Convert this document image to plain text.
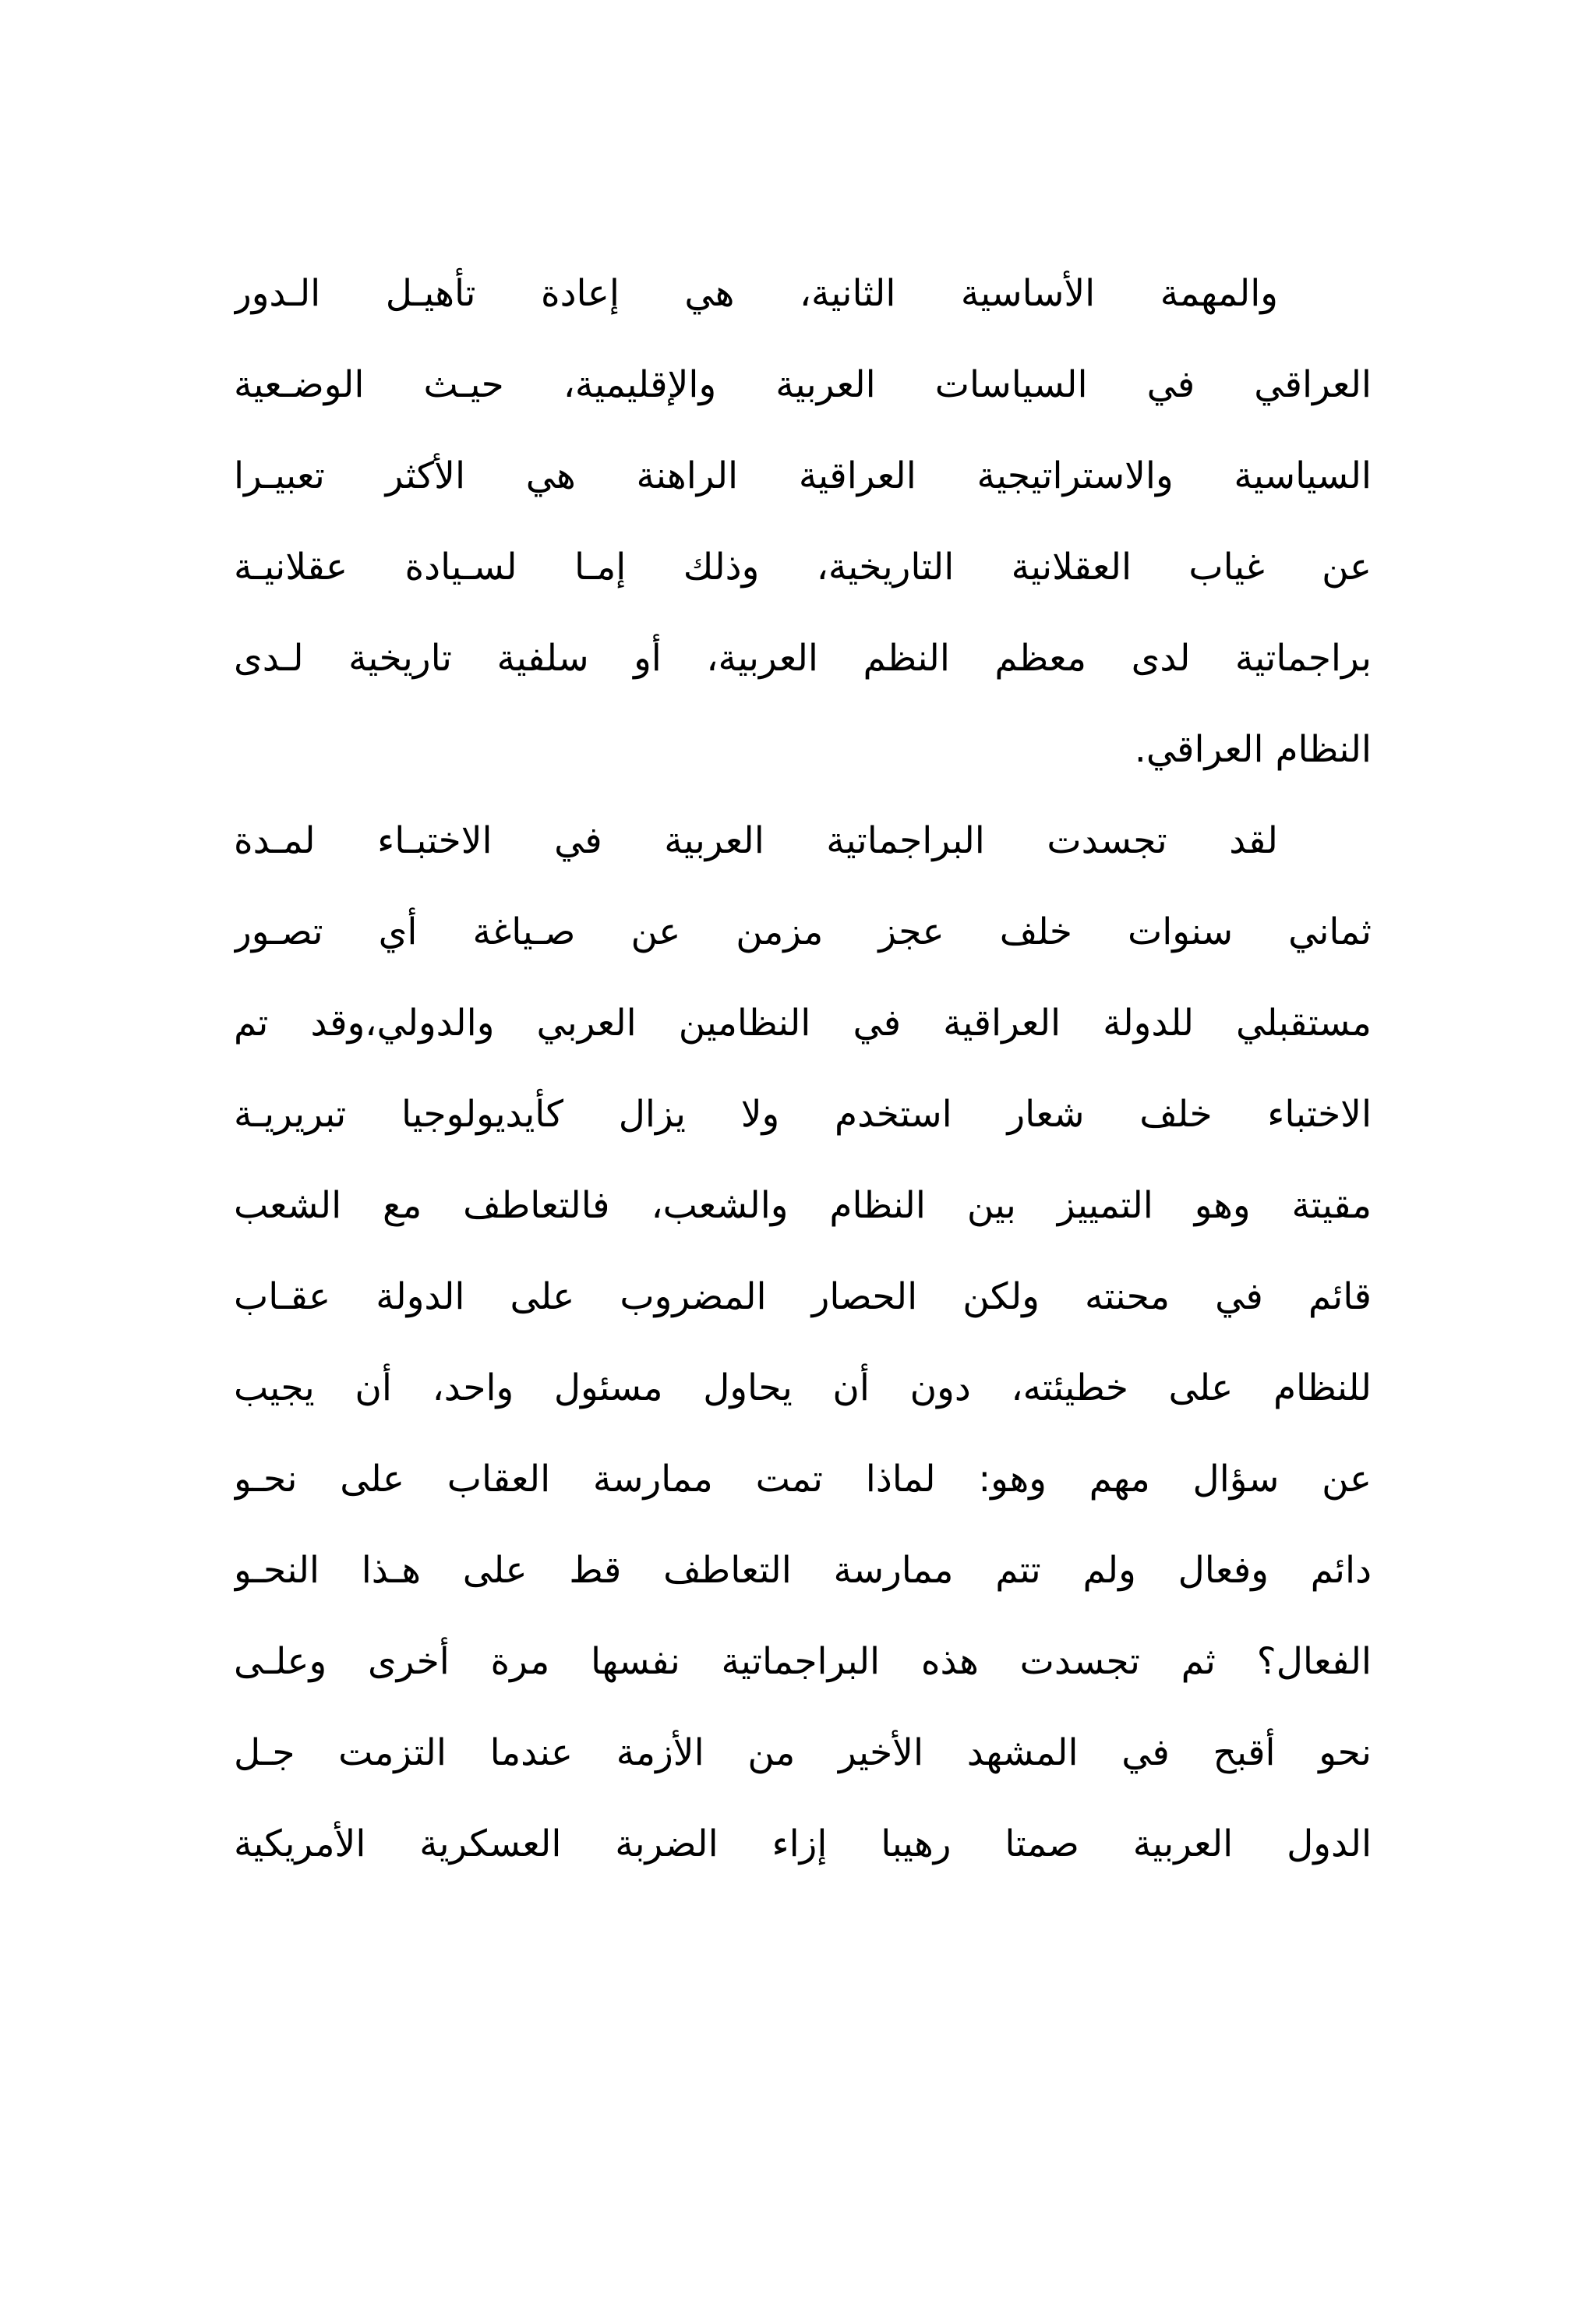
والمهمة الأساسية الثانية، هي إعادة تأهيـل الـدور
العراقي في السياسات العربية والإقليمية، حيـث الوضـعية
السياسية والاستراتيجية العراقية الراهنة هي الأكثر تعبيـرا
عن غياب العقلانية التاريخية، وذلك إمـا لسـيادة عقلانيـة
براجماتية لدى معظم النظم العربية، أو سلفية تاريخية لـدى
النظام العراقي.
لقد تجسدت البراجماتية العربية في الاختبـاء لمـدة
ثماني سنوات خلف عجز مزمن عن صـياغة أي تصـور
مستقبلي للدولة العراقية في النظامين العربي والدولي،وقد تم
الاختباء خلف شعار استخدم ولا يزال كأيديولوجيا تبريريـة
مقيتة وهو التمييز بين النظام والشعب، فالتعاطف مع الشعب
قائم في محنته ولكن الحصار المضروب على الدولة عقـاب
للنظام على خطيئته، دون أن يحاول مسئول واحد، أن يجيب
عن سؤال مهم وهو: لماذا تمت ممارسة العقاب على نحـو
دائم وفعال ولم تتم ممارسة التعاطف قط على هـذا النحـو
الفعال؟ ثم تجسدت هذه البراجماتية نفسها مرة أخرى وعلـى
نحو أقبح في المشهد الأخير من الأزمة عندما التزمت جـل
الدول العربية صمتا رهيبا إزاء الضربة العسكرية الأمريكية
